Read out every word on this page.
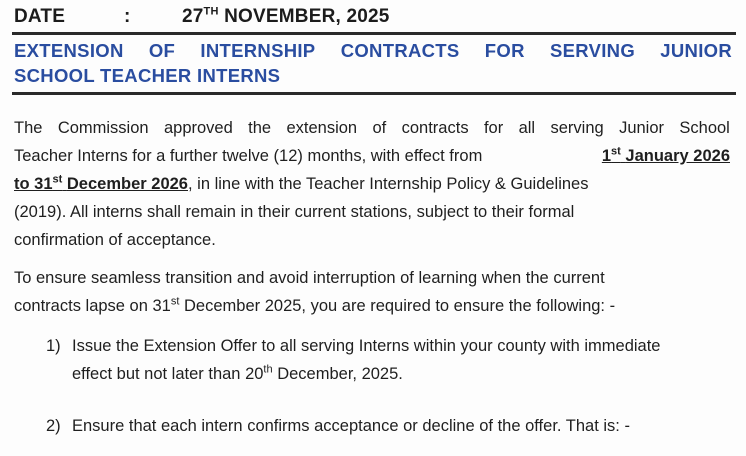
DATE	:	27TH NOVEMBER, 2025
EXTENSION OF INTERNSHIP CONTRACTS FOR SERVING JUNIOR
SCHOOL TEACHER INTERNS
The Commission approved the extension of contracts for all serving Junior School
Teacher Interns for a further twelve (12) months, with effect from	1st January 2026
to 31st December 2026, in line with the Teacher Internship Policy & Guidelines
(2019). All interns shall remain in their current stations, subject to their formal
confirmation of acceptance.
To ensure seamless transition and avoid interruption of learning when the current
contracts lapse on 31st December 2025, you are required to ensure the following: -
1) Issue the Extension Offer to all serving Interns within your county with immediate
effect but not later than 20th December, 2025.
2) Ensure that each intern confirms acceptance or decline of the offer. That is: -
